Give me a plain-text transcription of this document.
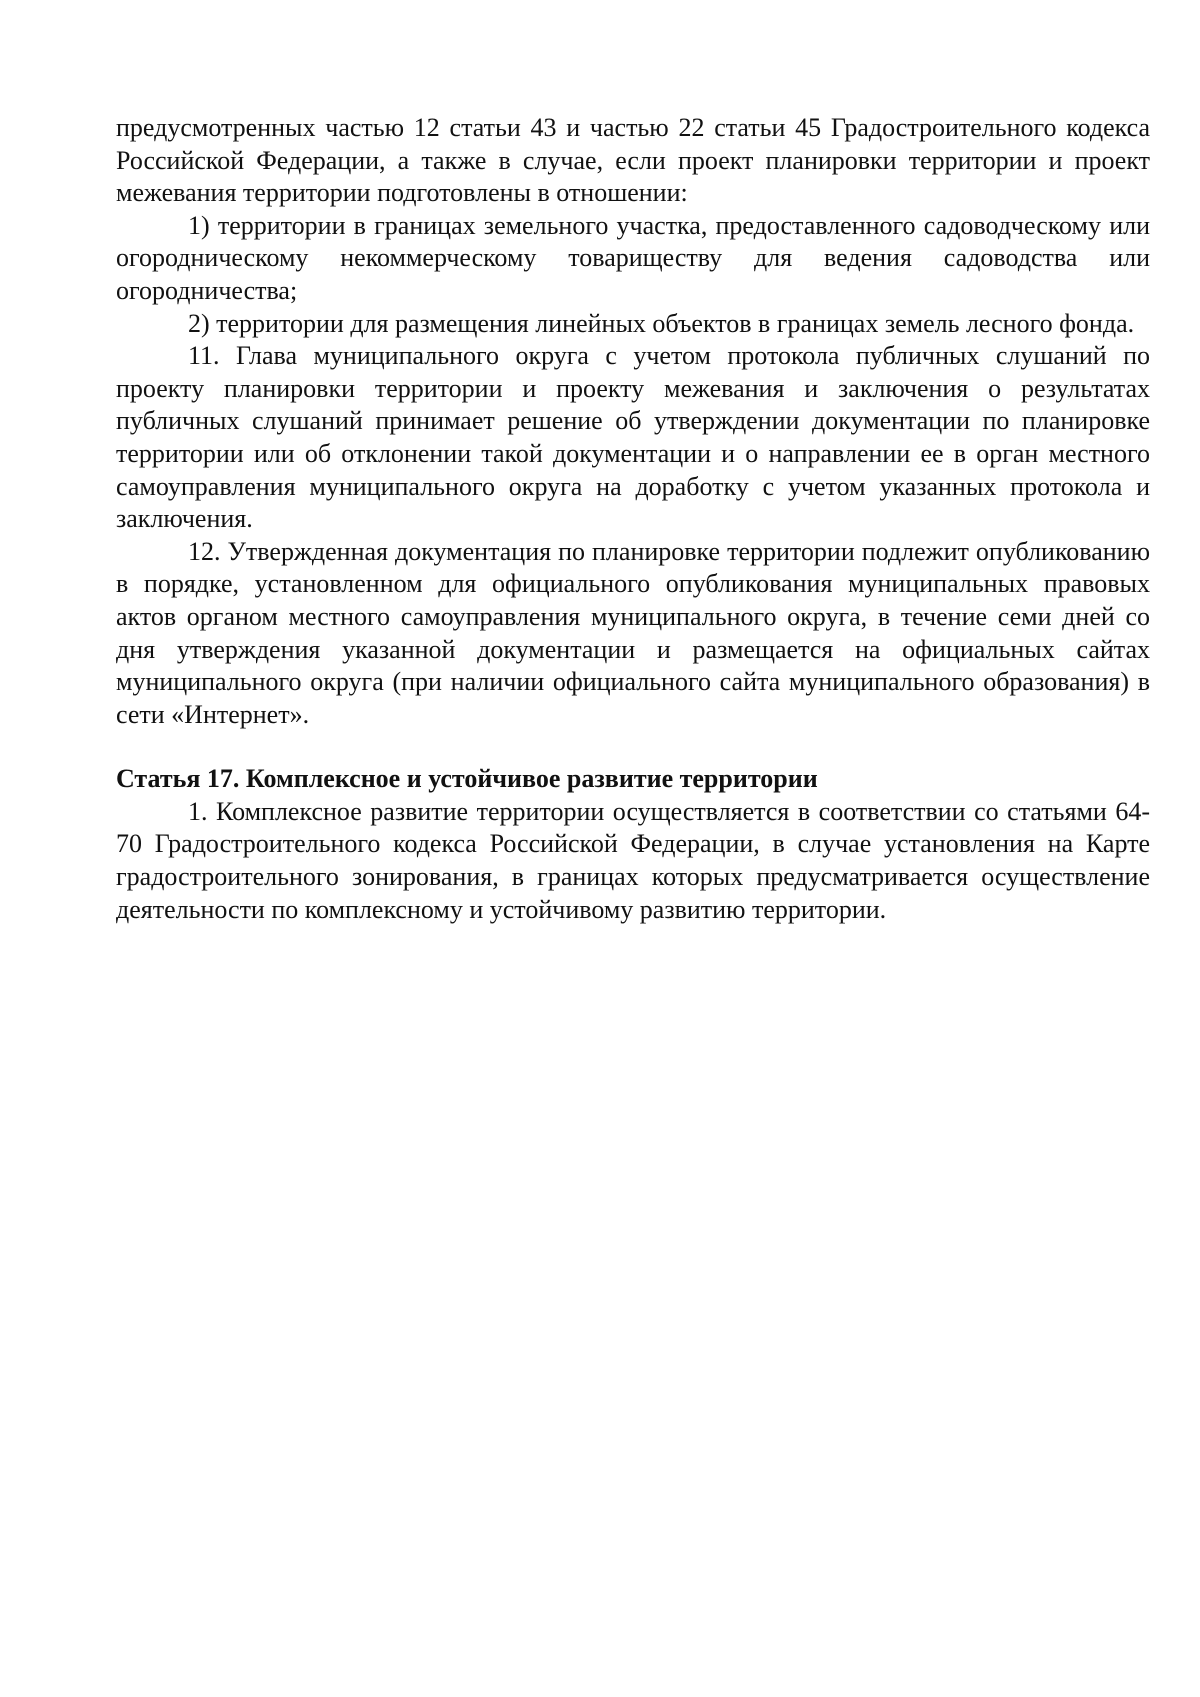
предусмотренных частью 12 статьи 43 и частью 22 статьи 45 Градостроительного кодекса Российской Федерации, а также в случае, если проект планировки территории и проект межевания территории подготовлены в отношении:

1) территории в границах земельного участка, предоставленного садоводческому или огородническому некоммерческому товариществу для ведения садоводства или огородничества;

2) территории для размещения линейных объектов в границах земель лесного фонда.

11. Глава муниципального округа с учетом протокола публичных слушаний по проекту планировки территории и проекту межевания и заключения о результатах публичных слушаний принимает решение об утверждении документации по планировке территории или об отклонении такой документации и о направлении ее в орган местного самоуправления муниципального округа на доработку с учетом указанных протокола и заключения.

12. Утвержденная документация по планировке территории подлежит опубликованию в порядке, установленном для официального опубликования муниципальных правовых актов органом местного самоуправления муниципального округа, в течение семи дней со дня утверждения указанной документации и размещается на официальных сайтах муниципального округа (при наличии официального сайта муниципального образования) в сети «Интернет».

Статья 17. Комплексное и устойчивое развитие территории

1. Комплексное развитие территории осуществляется в соответствии со статьями 64-70 Градостроительного кодекса Российской Федерации, в случае установления на Карте градостроительного зонирования, в границах которых предусматривается осуществление деятельности по комплексному и устойчивому развитию территории.
